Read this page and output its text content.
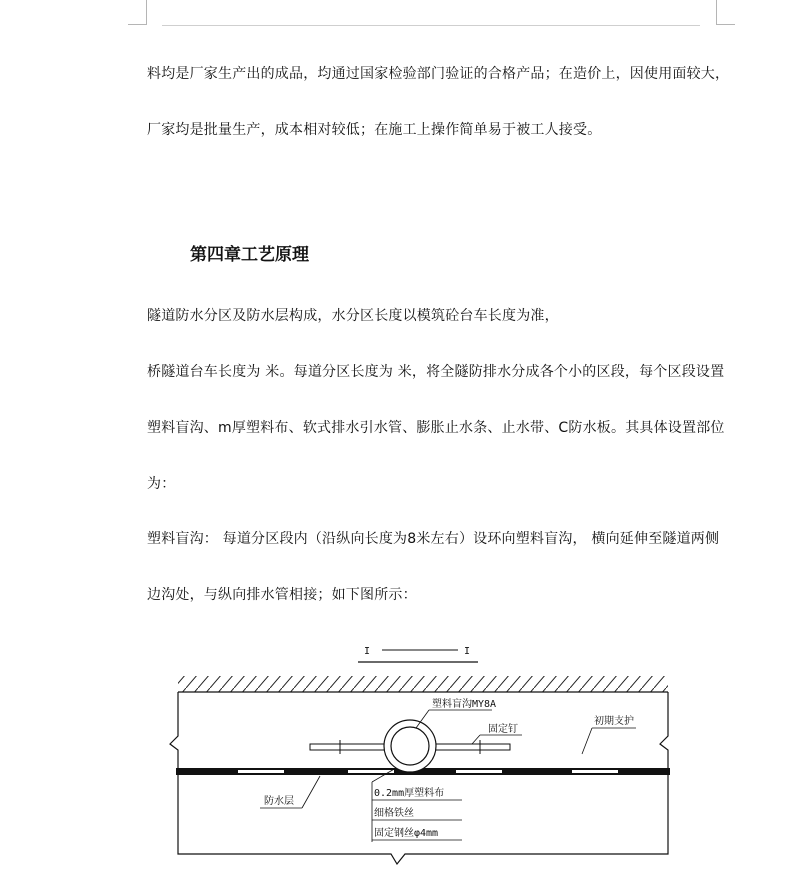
料均是厂家生产出的成品，均通过国家检验部门验证的合格产品；在造价上，因使用面较大，
厂家均是批量生产，成本相对较低；在施工上操作简单易于被工人接受。
第四章工艺原理
隧道防水分区及防水层构成，水分区长度以模筑砼台车长度为准，
桥隧道台车长度为 米。每道分区长度为 米，将全隧防排水分成各个小的区段，每个区段设置
塑料盲沟、m厚塑料布、软式排水引水管、膨胀止水条、止水带、C防水板。其具体设置部位
为：
塑料盲沟： 每道分区段内（沿纵向长度为8米左右）设环向塑料盲沟， 横向延伸至隧道两侧
边沟处，与纵向排水管相接；如下图所示：
I	I
塑料盲沟MY8A
固定钉
初期支护
防水层
0.2mm厚塑料布
细格铁丝
固定钢丝φ4mm
